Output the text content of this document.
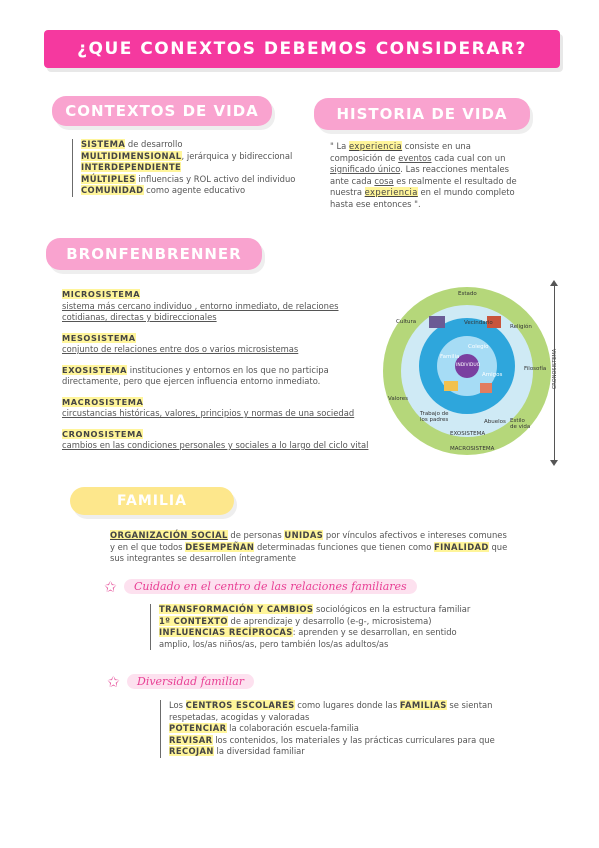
¿QUE CONEXTOS DEBEMOS CONSIDERAR?
CONTEXTOS DE VIDA
SISTEMA de desarrollo
MULTIDIMENSIONAL, jerárquica y bidireccional
INTERDEPENDIENTE
MÚLTIPLES influencias y ROL activo del individuo
COMUNIDAD como agente educativo
HISTORIA DE VIDA
" La experiencia consiste en una composición de eventos cada cual con un significado único. Las reacciones mentales ante cada cosa es realmente el resultado de nuestra experiencia en el mundo completo hasta ese entonces ".
BRONFENBRENNER
MICROSISTEMA
sistema más cercano individuo , entorno inmediato, de relaciones cotidianas, directas y bidireccionales
MESOSISTEMA
conjunto de relaciones entre dos o varios microsistemas
EXOSISTEMA instituciones y entornos en los que no participa directamente, pero que ejercen influencia entorno inmediato.
MACROSISTEMA
circustancias históricas, valores, principios y normas de una sociedad
CRONOSISTEMA
cambios en las condiciones personales y sociales a lo largo del ciclo vital
Estado
Cultura	Vecindario
Religión
Filosofía
Valores
Trabajo de los padres	Abuelos Estilo de vida
EXOSISTEMA
MACROSISTEMA
Colegio
Familia
Amigos
INDIVIDUO	CRONOSISTEMA
FAMILIA
ORGANIZACIÓN SOCIAL de personas UNIDAS por vínculos afectivos e intereses comunes y en el que todos DESEMPEÑAN determinadas funciones que tienen como FINALIDAD que sus integrantes se desarrollen íntegramente
✩	Cuidado en el centro de las relaciones familiares
TRANSFORMACIÓN Y CAMBIOS sociológicos en la estructura familiar
1º CONTEXTO de aprendizaje y desarrollo (e-g-, microsistema)
INFLUENCIAS RECÍPROCAS: aprenden y se desarrollan, en sentido amplio, los/as niños/as, pero también los/as adultos/as
✩	Diversidad familiar
Los CENTROS ESCOLARES como lugares donde las FAMILIAS se sientan respetadas, acogidas y valoradas
POTENCIAR la colaboración escuela-familia
REVISAR los contenidos, los materiales y las prácticas curriculares para que RECOJAN la diversidad familiar
